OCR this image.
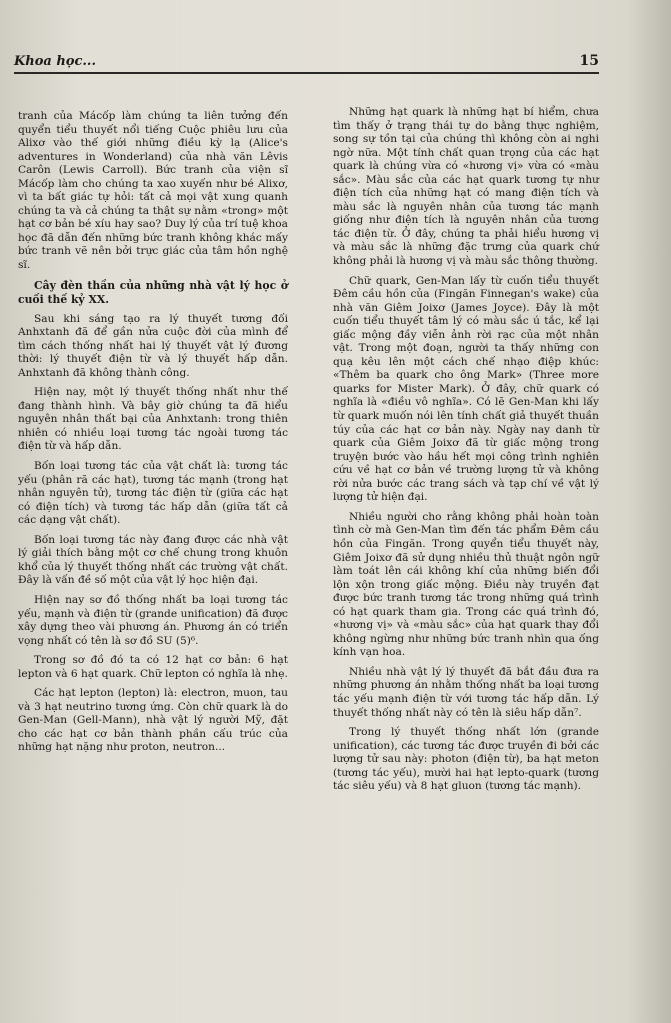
Khoa học...	15

tranh của Mácốp làm chúng ta liên tưởng đến quyển tiểu thuyết nổi tiếng Cuộc phiêu lưu của Alixơ vào thế giới những điều kỳ lạ (Alice's adventures in Wonderland) của nhà văn Lêvis Carôn (Lewis Carroll). Bức tranh của viện sĩ Mácốp làm cho chúng ta xao xuyến như bé Alixơ, vì ta bất giác tự hỏi: tất cả mọi vật xung quanh chúng ta và cả chúng ta thật sự nằm «trong» một hạt cơ bản bé xíu hay sao? Duy lý của trí tuệ khoa học đã dẫn đến những bức tranh không khác mấy bức tranh vẽ nên bởi trực giác của tâm hồn nghệ sĩ.

Cây đèn thần của những nhà vật lý học ở cuối thế kỷ XX.

Sau khi sáng tạo ra lý thuyết tương đối Anhxtanh đã để gần nửa cuộc đời của mình để tìm cách thống nhất hai lý thuyết vật lý đương thời: lý thuyết điện từ và lý thuyết hấp dẫn. Anhxtanh đã không thành công.

Hiện nay, một lý thuyết thống nhất như thế đang thành hình. Và bây giờ chúng ta đã hiểu nguyên nhân thất bại của Anhxtanh: trong thiên nhiên có nhiều loại tương tác ngoài tương tác điện từ và hấp dẫn.

Bốn loại tương tác của vật chất là: tương tác yếu (phân rã các hạt), tương tác mạnh (trong hạt nhân nguyên tử), tương tác điện từ (giữa các hạt có điện tích) và tương tác hấp dẫn (giữa tất cả các dạng vật chất).

Bốn loại tương tác này đang được các nhà vật lý giải thích bằng một cơ chế chung trong khuôn khổ của lý thuyết thống nhất các trường vật chất. Đây là vấn đề số một của vật lý học hiện đại.

Hiện nay sơ đồ thống nhất ba loại tương tác yếu, mạnh và điện từ (grande unification) đã được xây dựng theo vài phương án. Phương án có triển vọng nhất có tên là sơ đồ SU (5)⁶.

Trong sơ đồ đó ta có 12 hạt cơ bản: 6 hạt lepton và 6 hạt quark. Chữ lepton có nghĩa là nhẹ.

Các hạt lepton (lepton) là: electron, muon, tau và 3 hạt neutrino tương ứng. Còn chữ quark là do Gen-Man (Gell-Mann), nhà vật lý người Mỹ, đặt cho các hạt cơ bản thành phần cấu trúc của những hạt nặng như proton, neutron...

Những hạt quark là những hạt bí hiểm, chưa tìm thấy ở trạng thái tự do bằng thực nghiệm, song sự tồn tại của chúng thì không còn ai nghi ngờ nữa. Một tính chất quan trọng của các hạt quark là chúng vừa có «hương vị» vừa có «màu sắc». Màu sắc của các hạt quark tương tự như điện tích của những hạt có mang điện tích và màu sắc là nguyên nhân của tương tác mạnh giống như điện tích là nguyên nhân của tương tác điện từ. Ở đây, chúng ta phải hiểu hương vị và màu sắc là những đặc trưng của quark chứ không phải là hương vị và màu sắc thông thường.

Chữ quark, Gen-Man lấy từ cuốn tiểu thuyết Đêm cầu hồn của (Fingăn Finnegan's wake) của nhà văn Giêm Joixơ (James Joyce). Đây là một cuốn tiểu thuyết tâm lý có màu sắc ú tắc, kể lại giấc mộng đầy viễn ảnh rời rạc của một nhân vật. Trong một đoạn, người ta thấy những con quạ kêu lên một cách chế nhạo điệp khúc: «Thêm ba quark cho ông Mark» (Three more quarks for Mister Mark). Ở đây, chữ quark có nghĩa là «điều vô nghĩa». Có lẽ Gen-Man khi lấy từ quark muốn nói lên tính chất giả thuyết thuần túy của các hạt cơ bản này. Ngày nay danh từ quark của Giêm Joixơ đã từ giấc mộng trong truyện bước vào hầu hết mọi công trình nghiên cứu về hạt cơ bản về trường lượng tử và không rời nửa bước các trang sách và tạp chí về vật lý lượng tử hiện đại.

Nhiều người cho rằng không phải hoàn toàn tình cờ mà Gen-Man tìm đến tác phẩm Đêm cầu hồn của Fingăn. Trong quyển tiểu thuyết này, Giêm Joixơ đã sử dụng nhiều thủ thuật ngôn ngữ làm toát lên cái không khí của những biến đổi lộn xộn trong giấc mộng. Điều này truyền đạt được bức tranh tương tác trong những quá trình có hạt quark tham gia. Trong các quá trình đó, «hương vị» và «màu sắc» của hạt quark thay đổi không ngừng như những bức tranh nhìn qua ống kính vạn hoa.

Nhiều nhà vật lý lý thuyết đã bắt đầu đưa ra những phương án nhằm thống nhất ba loại tương tác yếu mạnh điện từ với tương tác hấp dẫn. Lý thuyết thống nhất này có tên là siêu hấp dẫn⁷.

Trong lý thuyết thống nhất lớn (grande unification), các tương tác được truyền đi bởi các lượng tử sau này: photon (điện từ), ba hạt meton (tương tác yếu), mười hai hạt lepto-quark (tương tác siêu yếu) và 8 hạt gluon (tương tác mạnh).
